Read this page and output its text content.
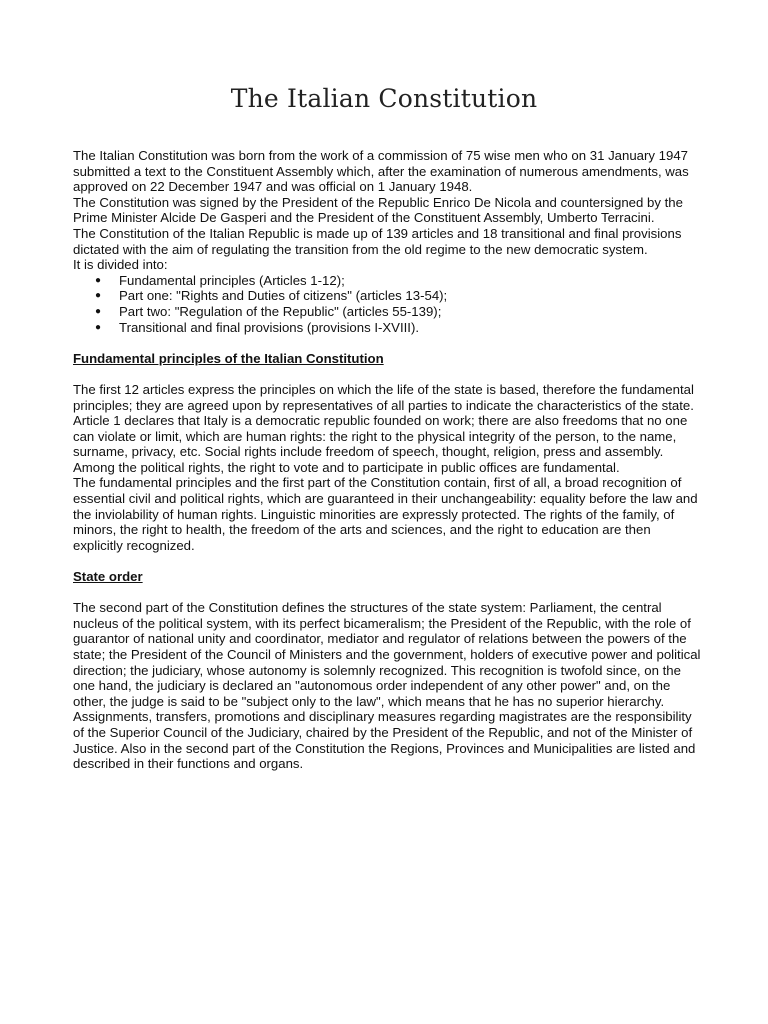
The Italian Constitution

The Italian Constitution was born from the work of a commission of 75 wise men who on 31 January 1947 submitted a text to the Constituent Assembly which, after the examination of numerous amendments, was approved on 22 December 1947 and was official on 1 January 1948.

The Constitution was signed by the President of the Republic Enrico De Nicola and countersigned by the Prime Minister Alcide De Gasperi and the President of the Constituent Assembly, Umberto Terracini.

The Constitution of the Italian Republic is made up of 139 articles and 18 transitional and final provisions dictated with the aim of regulating the transition from the old regime to the new democratic system.

It is divided into:

● Fundamental principles (Articles 1-12);
● Part one: "Rights and Duties of citizens" (articles 13-54);
● Part two: "Regulation of the Republic" (articles 55-139);
● Transitional and final provisions (provisions I-XVIII).

Fundamental principles of the Italian Constitution

The first 12 articles express the principles on which the life of the state is based, therefore the fundamental principles; they are agreed upon by representatives of all parties to indicate the characteristics of the state. Article 1 declares that Italy is a democratic republic founded on work; there are also freedoms that no one can violate or limit, which are human rights: the right to the physical integrity of the person, to the name, surname, privacy, etc. Social rights include freedom of speech, thought, religion, press and assembly. Among the political rights, the right to vote and to participate in public offices are fundamental.

The fundamental principles and the first part of the Constitution contain, first of all, a broad recognition of essential civil and political rights, which are guaranteed in their unchangeability: equality before the law and the inviolability of human rights. Linguistic minorities are expressly protected. The rights of the family, of minors, the right to health, the freedom of the arts and sciences, and the right to education are then explicitly recognized.

State order

The second part of the Constitution defines the structures of the state system: Parliament, the central nucleus of the political system, with its perfect bicameralism; the President of the Republic, with the role of guarantor of national unity and coordinator, mediator and regulator of relations between the powers of the state; the President of the Council of Ministers and the government, holders of executive power and political direction; the judiciary, whose autonomy is solemnly recognized. This recognition is twofold since, on the one hand, the judiciary is declared an "autonomous order independent of any other power" and, on the other, the judge is said to be "subject only to the law", which means that he has no superior hierarchy. Assignments, transfers, promotions and disciplinary measures regarding magistrates are the responsibility of the Superior Council of the Judiciary, chaired by the President of the Republic, and not of the Minister of Justice. Also in the second part of the Constitution the Regions, Provinces and Municipalities are listed and described in their functions and organs.
